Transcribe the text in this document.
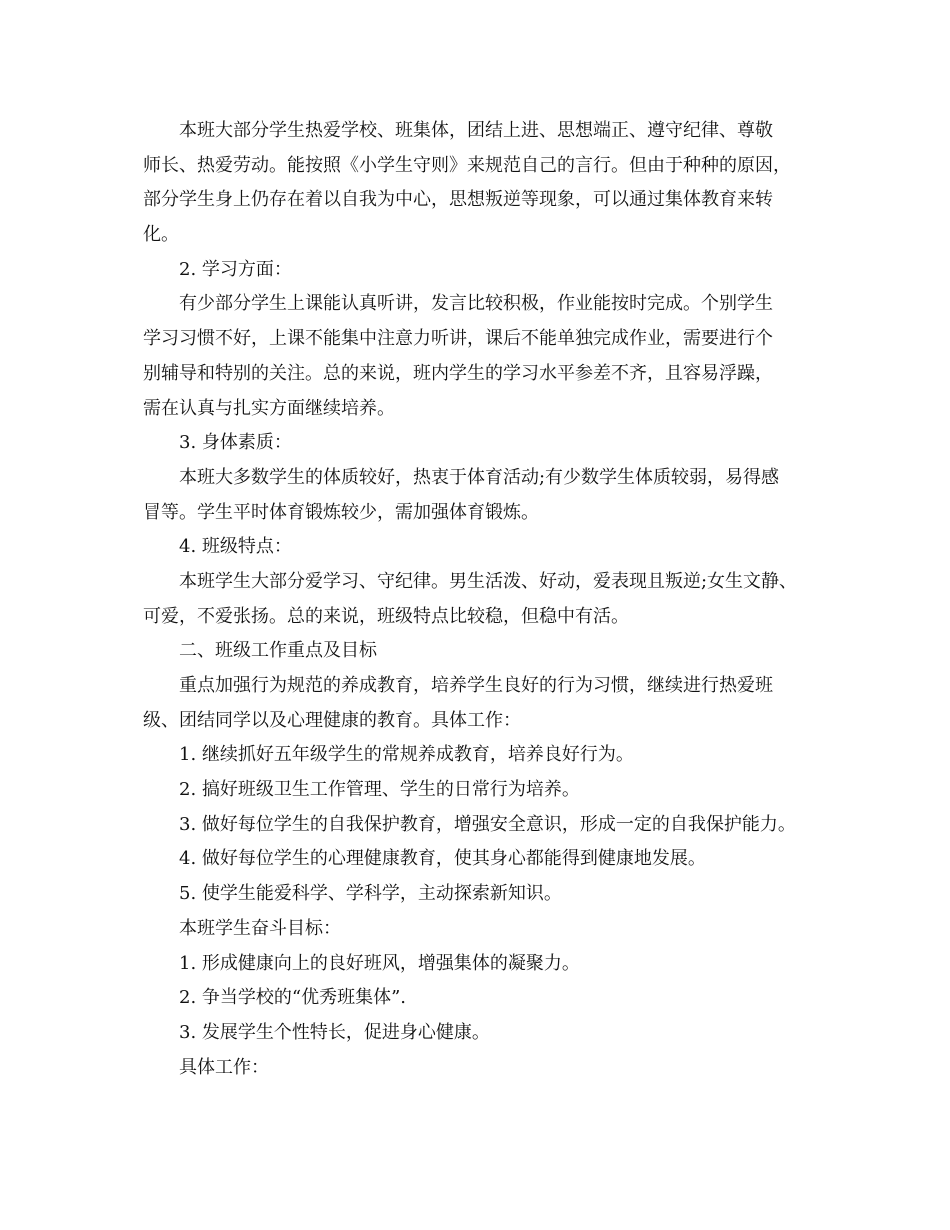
本班大部分学生热爱学校、班集体，团结上进、思想端正、遵守纪律、尊敬
师长、热爱劳动。能按照《小学生守则》来规范自己的言行。但由于种种的原因，
部分学生身上仍存在着以自我为中心，思想叛逆等现象，可以通过集体教育来转
化。
2. 学习方面：
有少部分学生上课能认真听讲，发言比较积极，作业能按时完成。个别学生
学习习惯不好，上课不能集中注意力听讲，课后不能单独完成作业，需要进行个
别辅导和特别的关注。总的来说，班内学生的学习水平参差不齐，且容易浮躁，
需在认真与扎实方面继续培养。
3. 身体素质：
本班大多数学生的体质较好，热衷于体育活动;有少数学生体质较弱，易得感
冒等。学生平时体育锻炼较少，需加强体育锻炼。
4. 班级特点：
本班学生大部分爱学习、守纪律。男生活泼、好动，爱表现且叛逆;女生文静、
可爱，不爱张扬。总的来说，班级特点比较稳，但稳中有活。
二、班级工作重点及目标
重点加强行为规范的养成教育，培养学生良好的行为习惯，继续进行热爱班
级、团结同学以及心理健康的教育。具体工作：
1. 继续抓好五年级学生的常规养成教育，培养良好行为。
2. 搞好班级卫生工作管理、学生的日常行为培养。
3. 做好每位学生的自我保护教育，增强安全意识，形成一定的自我保护能力。
4. 做好每位学生的心理健康教育，使其身心都能得到健康地发展。
5. 使学生能爱科学、学科学，主动探索新知识。
本班学生奋斗目标：
1. 形成健康向上的良好班风，增强集体的凝聚力。
2. 争当学校的“优秀班集体”.
3. 发展学生个性特长，促进身心健康。
具体工作：
